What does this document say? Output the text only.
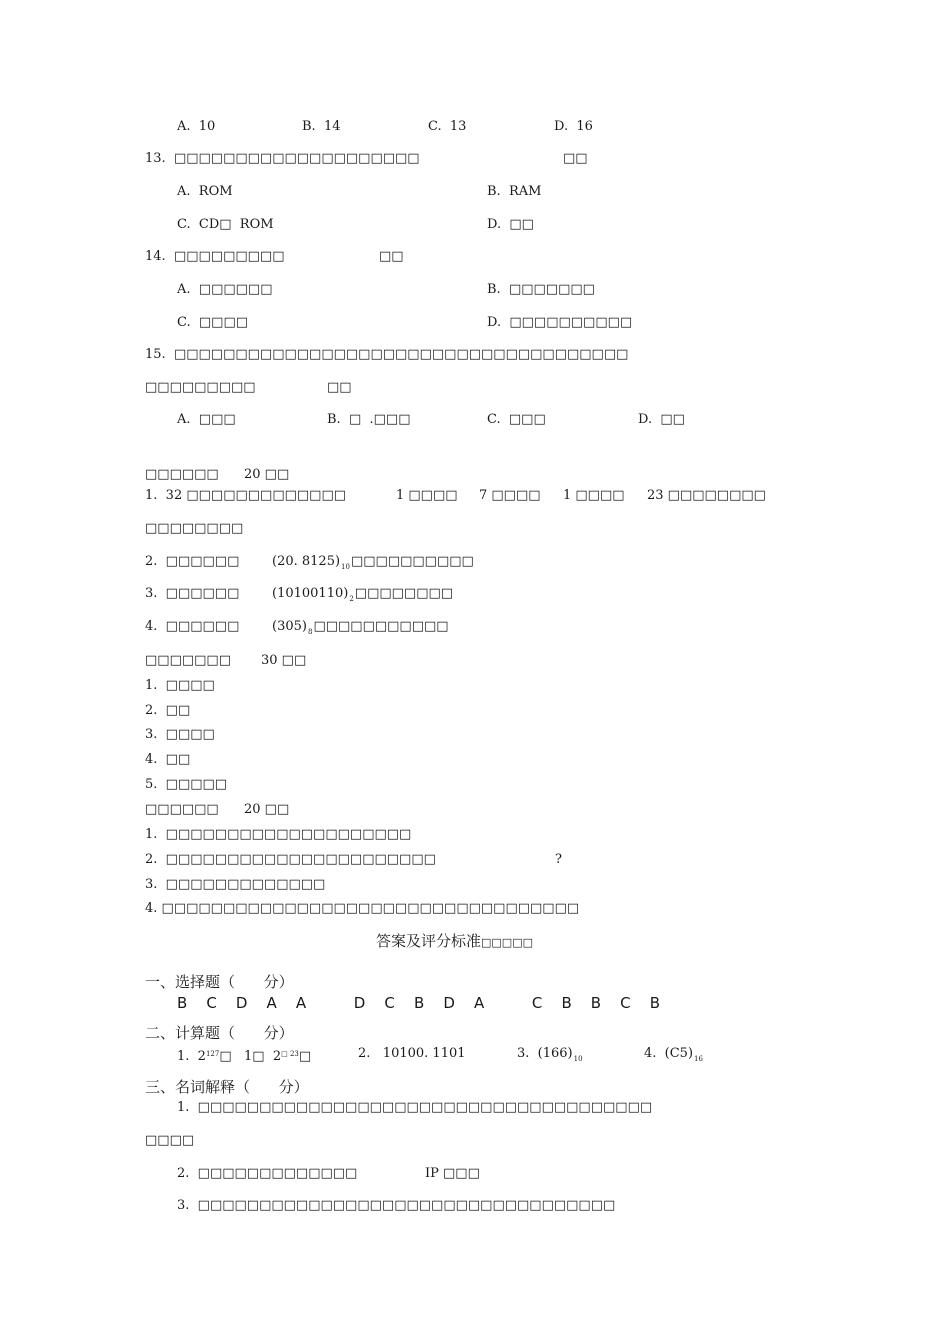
A.  10	B.  14	C.  13	D.  16
13.  □□□□□□□□□□□□□□□□□□□□	□□
A.  ROM	B.  RAM
C.  CD□  ROM	D.  □□
14.  □□□□□□□□□	□□
A.  □□□□□□	B.  □□□□□□□
C.  □□□□	D.  □□□□□□□□□□
15.  □□□□□□□□□□□□□□□□□□□□□□□□□□□□□□□□□□□□□
□□□□□□□□□	□□
A.  □□□	B.  □  .□□□	C.  □□□	D.  □□
□□□□□□ 20 □□
1.  32 □□□□□□□□□□□□□	1 □□□□ 7 □□□□ 1 □□□□ 23 □□□□□□□□
□□□□□□□□
2.  □□□□□□	(20. $8125)_{10}□□□□□□□□□□$
3.  □□□□□□	$(10100110)_2□□□□□□□□$
4.  □□□□□□	$(305)_8□□□□□□□□□□□$
□□□□□□□ 30 □□
1.  □□□□
2.  □□
3.  □□□□
4.  □□
5.  □□□□□
□□□□□□ 20 □□
1.  □□□□□□□□□□□□□□□□□□□□
2.  □□□□□□□□□□□□□□□□□□□□□□	?
3.  □□□□□□□□□□□□□
4. □□□□□□□□□□□□□□□□□□□□□□□□□□□□□□□□□□
答案及评分标准□□□□□
一、选择题（      分）
B    C    D    A    A          D    C    B    D    A          C    B    B    C    B
二、计算题（      分）
1.  $2^{127}□$   1□  $2^{□ 23}□$	2.   10100. 1101	3.  $(166)_{10}$	4.  $(C5)_{16}$
三、名词解释（      分）
1.  □□□□□□□□□□□□□□□□□□□□□□□□□□□□□□□□□□□□□
□□□□
2.  □□□□□□□□□□□□□	IP □□□
3.  □□□□□□□□□□□□□□□□□□□□□□□□□□□□□□□□□□
